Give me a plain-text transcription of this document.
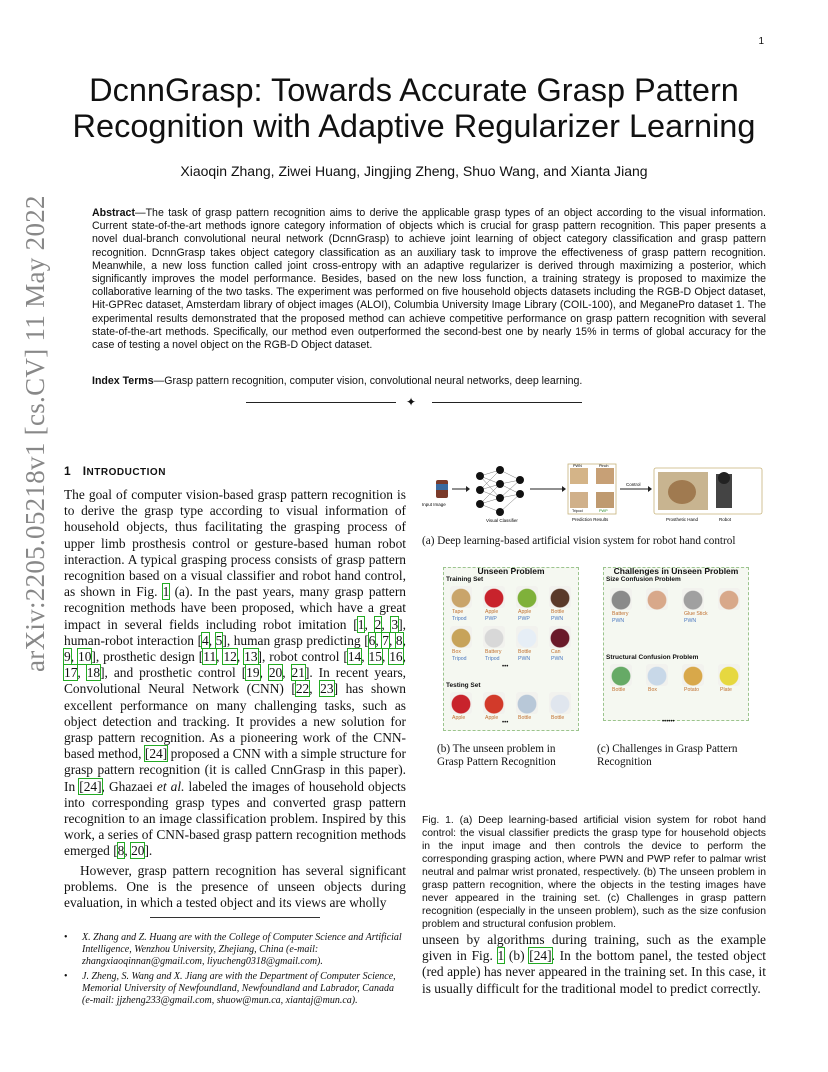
1
arXiv:2205.05218v1 [cs.CV] 11 May 2022
DcnnGrasp: Towards Accurate Grasp Pattern Recognition with Adaptive Regularizer Learning
Xiaoqin Zhang, Ziwei Huang, Jingjing Zheng, Shuo Wang, and Xianta Jiang
Abstract—The task of grasp pattern recognition aims to derive the applicable grasp types of an object according to the visual information. Current state-of-the-art methods ignore category information of objects which is crucial for grasp pattern recognition. This paper presents a novel dual-branch convolutional neural network (DcnnGrasp) to achieve joint learning of object category classification and grasp pattern recognition. DcnnGrasp takes object category classification as an auxiliary task to improve the effectiveness of grasp pattern recognition. Meanwhile, a new loss function called joint cross-entropy with an adaptive regularizer is derived through maximizing a posterior, which significantly improves the model performance. Besides, based on the new loss function, a training strategy is proposed to maximize the collaborative learning of the two tasks. The experiment was performed on five household objects datasets including the RGB-D Object dataset, Hit-GPRec dataset, Amsterdam library of object images (ALOI), Columbia University Image Library (COIL-100), and MeganePro dataset 1. The experimental results demonstrated that the proposed method can achieve competitive performance on grasp pattern recognition with several state-of-the-art methods. Specifically, our method even outperformed the second-best one by nearly 15% in terms of global accuracy for the case of testing a novel object on the RGB-D Object dataset.
Index Terms—Grasp pattern recognition, computer vision, convolutional neural networks, deep learning.
✦
1 INTRODUCTION
The goal of computer vision-based grasp pattern recognition is to derive the grasp type according to visual information of household objects, thus facilitating the grasping process of upper limb prosthesis control or gesture-based human robot interaction. A typical grasping process consists of grasp pattern recognition based on a visual classifier and robot hand control, as shown in Fig. 1 (a). In the past years, many grasp pattern recognition methods have been proposed, which have a great impact in several fields including robot imitation [1, 2, 3], human-robot interaction [4, 5], human grasp predicting [6, 7, 8, 9, 10], prosthetic design [11, 12, 13], robot control [14, 15, 16, 17, 18], and prosthetic control [19, 20, 21]. In recent years, Convolutional Neural Network (CNN) [22, 23] has shown excellent performance on many challenging tasks, such as object detection and tracking. It provides a new solution for grasp pattern recognition. As a pioneering work of the CNN-based method, [24] proposed a CNN with a simple structure for grasp pattern recognition (it is called CnnGrasp in this paper). In [24], Ghazaei et al. labeled the images of household objects into corresponding grasp types and converted grasp pattern recognition to an image classification problem. Inspired by this work, a series of CNN-based grasp pattern recognition methods emerged [8, 20].
However, grasp pattern recognition has several significant problems. One is the presence of unseen objects during evaluation, in which a tested object and its views are wholly
Input Image
Visual Classifier
PWN	Pinch
Tripod	PWP
Prediction Results
Control
Prosthetic Hand	Robot
(a) Deep learning-based artificial vision system for robot hand control
Unseen Problem
Training Set
Tape
Tripod
Apple
PWP
Apple
PWP
Bottle
PWN
Box
Tripod
Battery
Tripod
Bottle
PWN
Can
PWN
•••
Testing Set
Apple	Apple	Bottle	Bottle
•••
Challenges in Unseen Problem
Size Confusion Problem
Battery
PWN
Glue Stick
PWN
Structural Confusion Problem
Bottle	Box	Potato	Plate
••••••
(b) The unseen problem in Grasp Pattern Recognition
(c) Challenges in Grasp Pattern Recognition
Fig. 1. (a) Deep learning-based artificial vision system for robot hand control: the visual classifier predicts the grasp type for household objects in the input image and then controls the device to perform the corresponding grasping action, where PWN and PWP refer to palmar wrist neutral and palmar wrist pronated, respectively. (b) The unseen problem in grasp pattern recognition, where the objects in the testing images have never appeared in the training set. (c) Challenges in grasp pattern recognition (especially in the unseen problem), such as the size confusion problem and structural confusion problem.
• X. Zhang and Z. Huang are with the College of Computer Science and Artificial Intelligence, Wenzhou University, Zhejiang, China (e-mail: zhangxiaoqinnan@gmail.com, liyucheng0318@gmail.com).
• J. Zheng, S. Wang and X. Jiang are with the Department of Computer Science, Memorial University of Newfoundland, Newfoundland and Labrador, Canada (e-mail: jjzheng233@gmail.com, shuow@mun.ca, xiantaj@mun.ca).
unseen by algorithms during training, such as the example given in Fig. 1 (b) [24]. In the bottom panel, the tested object (red apple) has never appeared in the training set. In this case, it is usually difficult for the traditional model to predict correctly.
